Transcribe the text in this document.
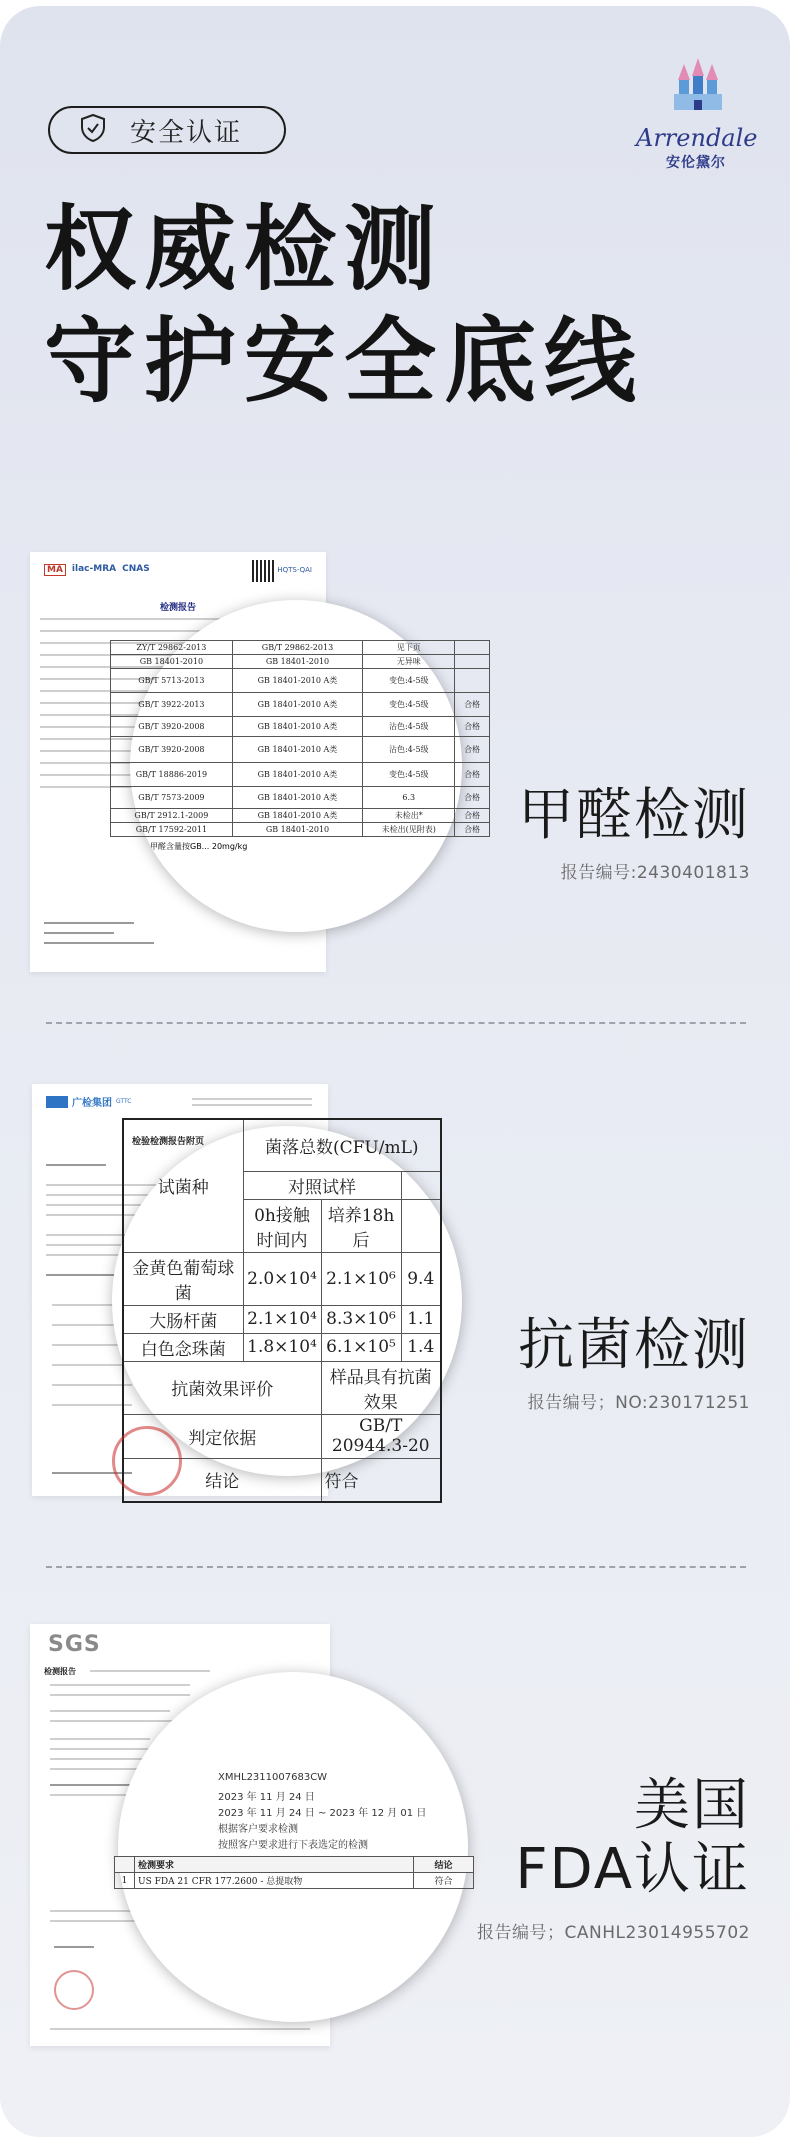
安全认证	Arrendale
安伦黛尔
权威检测
守护安全底线
MA	ilac-MRA CNAS	HQTS-QAI
检测报告
ZY/T 29862-2013	GB/T 29862-2013	见下页	
GB 18401-2010	GB 18401-2010	无异味	
GB/T 5713-2013	GB 18401-2010 A类	变色:4-5级	
GB/T 3922-2013	GB 18401-2010 A类	变色:4-5级	合格
GB/T 3920-2008	GB 18401-2010 A类	沾色:4-5级	合格
GB/T 3920-2008	GB 18401-2010 A类	沾色:4-5级	合格
GB/T 18886-2019	GB 18401-2010 A类	变色:4-5级	合格
GB/T 7573-2009	GB 18401-2010 A类	6.3	合格
GB/T 2912.1-2009	GB 18401-2010 A类	未检出*	合格
GB/T 17592-2011	GB 18401-2010	未检出(见附表)	合格
甲醛含量按GB... 20mg/kg	甲醛检测
报告编号:2430401813
广检集团 GTTC
检验检测报告附页
试菌种	菌落总数(CFU/mL)		
	对照试样		
	0h接触时间内	培养18h后	
金黄色葡萄球菌	2.0×10⁴	2.1×10⁶	9.4
大肠杆菌	2.1×10⁴	8.3×10⁶	1.1
白色念珠菌	1.8×10⁴	6.1×10⁵	1.4
抗菌效果评价		样品具有抗菌效果	
判定依据		GB/T 20944.3-20	
结论		符合	
抗菌检测
报告编号；NO:230171251
SGS
检测报告
XMHL2311007683CW
2023 年 11 月 24 日
2023 年 11 月 24 日 ~ 2023 年 12 月 01 日
根据客户要求检测
按照客户要求进行下表选定的检测
	检测要求	结论
1	US FDA 21 CFR 177.2600 - 总提取物	符合
美国
FDA认证
报告编号；CANHL23014955702
